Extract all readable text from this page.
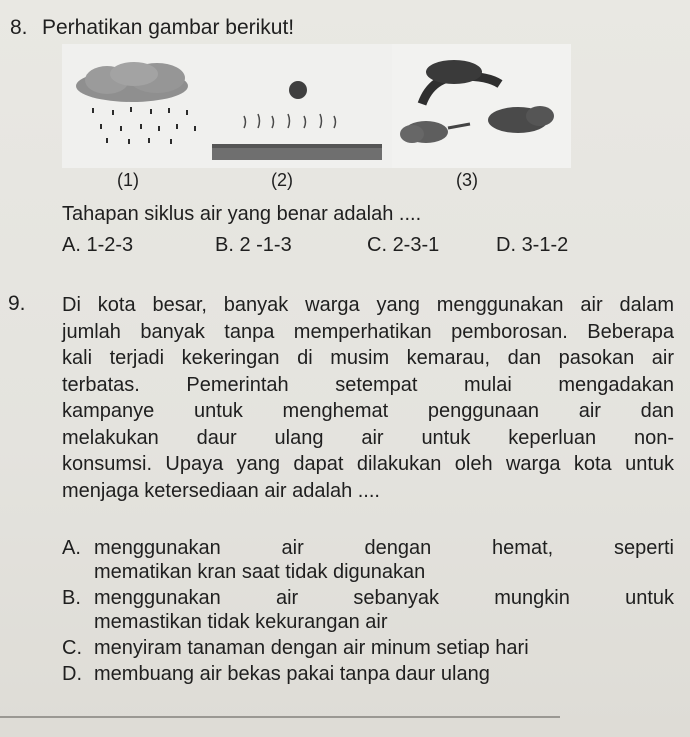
8. Perhatikan gambar berikut!
(1)	(2)	(3)
Tahapan siklus air yang benar adalah ....
A. 1-2-3	B. 2 -1-3	C. 2-3-1	D. 3-1-2
9. Di kota besar, banyak warga yang menggunakan air dalam
jumlah banyak tanpa memperhatikan pemborosan. Beberapa
kali terjadi kekeringan di musim kemarau, dan pasokan air
terbatas. Pemerintah setempat mulai mengadakan
kampanye untuk menghemat penggunaan air dan
melakukan daur ulang air untuk keperluan non-
konsumsi. Upaya yang dapat dilakukan oleh warga kota untuk
menjaga ketersediaan air adalah ....
A. menggunakan air dengan hemat, seperti
mematikan kran saat tidak digunakan
B. menggunakan air sebanyak mungkin untuk
memastikan tidak kekurangan air
C. menyiram tanaman dengan air minum setiap hari
D. membuang air bekas pakai tanpa daur ulang
